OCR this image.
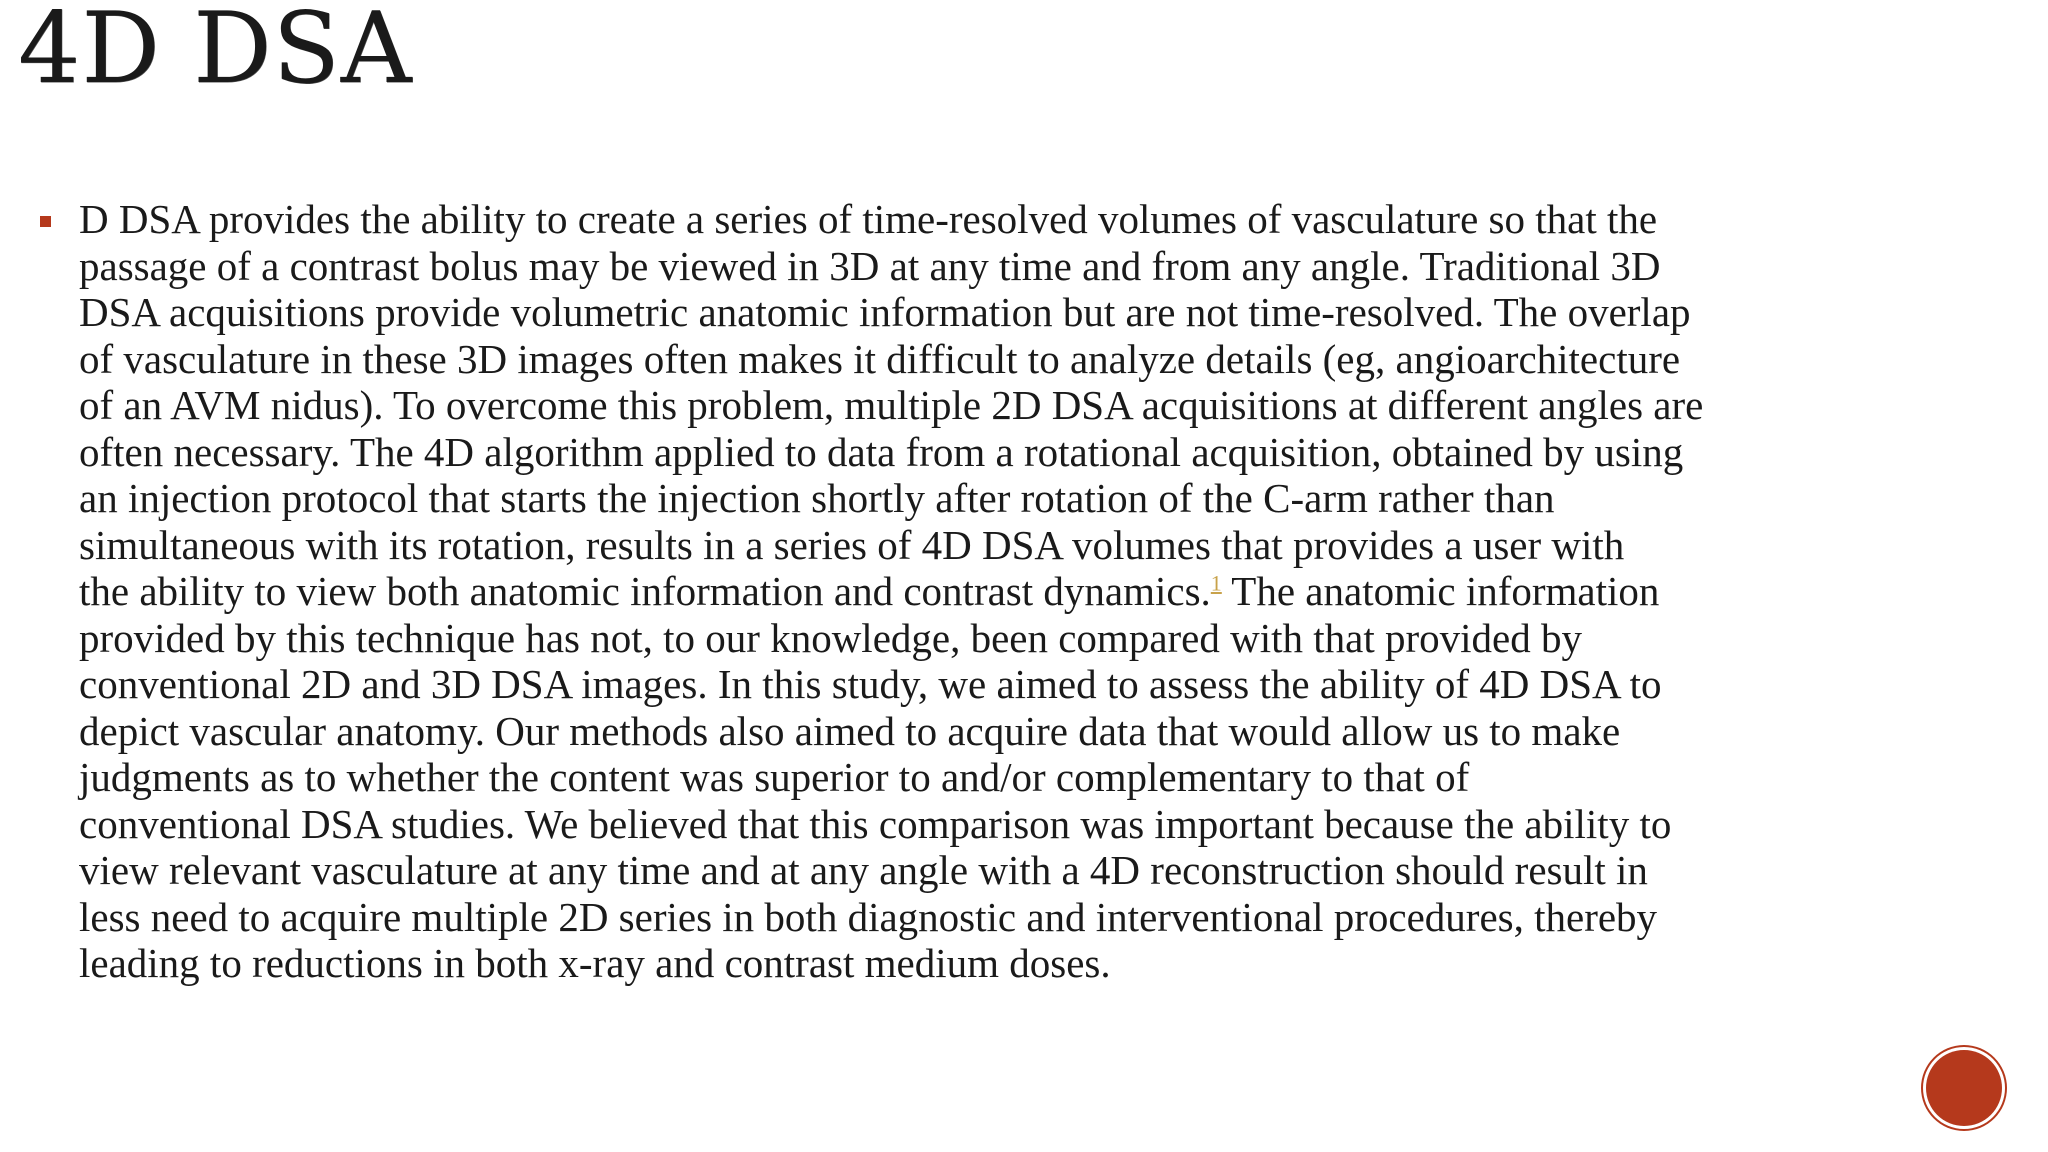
4D DSA

D DSA provides the ability to create a series of time-resolved volumes of vasculature so that the
passage of a contrast bolus may be viewed in 3D at any time and from any angle. Traditional 3D
DSA acquisitions provide volumetric anatomic information but are not time-resolved. The overlap
of vasculature in these 3D images often makes it difficult to analyze details (eg, angioarchitecture
of an AVM nidus). To overcome this problem, multiple 2D DSA acquisitions at different angles are
often necessary. The 4D algorithm applied to data from a rotational acquisition, obtained by using
an injection protocol that starts the injection shortly after rotation of the C-arm rather than
simultaneous with its rotation, results in a series of 4D DSA volumes that provides a user with
the ability to view both anatomic information and contrast dynamics.$^1$ The anatomic information
provided by this technique has not, to our knowledge, been compared with that provided by
conventional 2D and 3D DSA images. In this study, we aimed to assess the ability of 4D DSA to
depict vascular anatomy. Our methods also aimed to acquire data that would allow us to make
judgments as to whether the content was superior to and/or complementary to that of
conventional DSA studies. We believed that this comparison was important because the ability to
view relevant vasculature at any time and at any angle with a 4D reconstruction should result in
less need to acquire multiple 2D series in both diagnostic and interventional procedures, thereby
leading to reductions in both x-ray and contrast medium doses.
